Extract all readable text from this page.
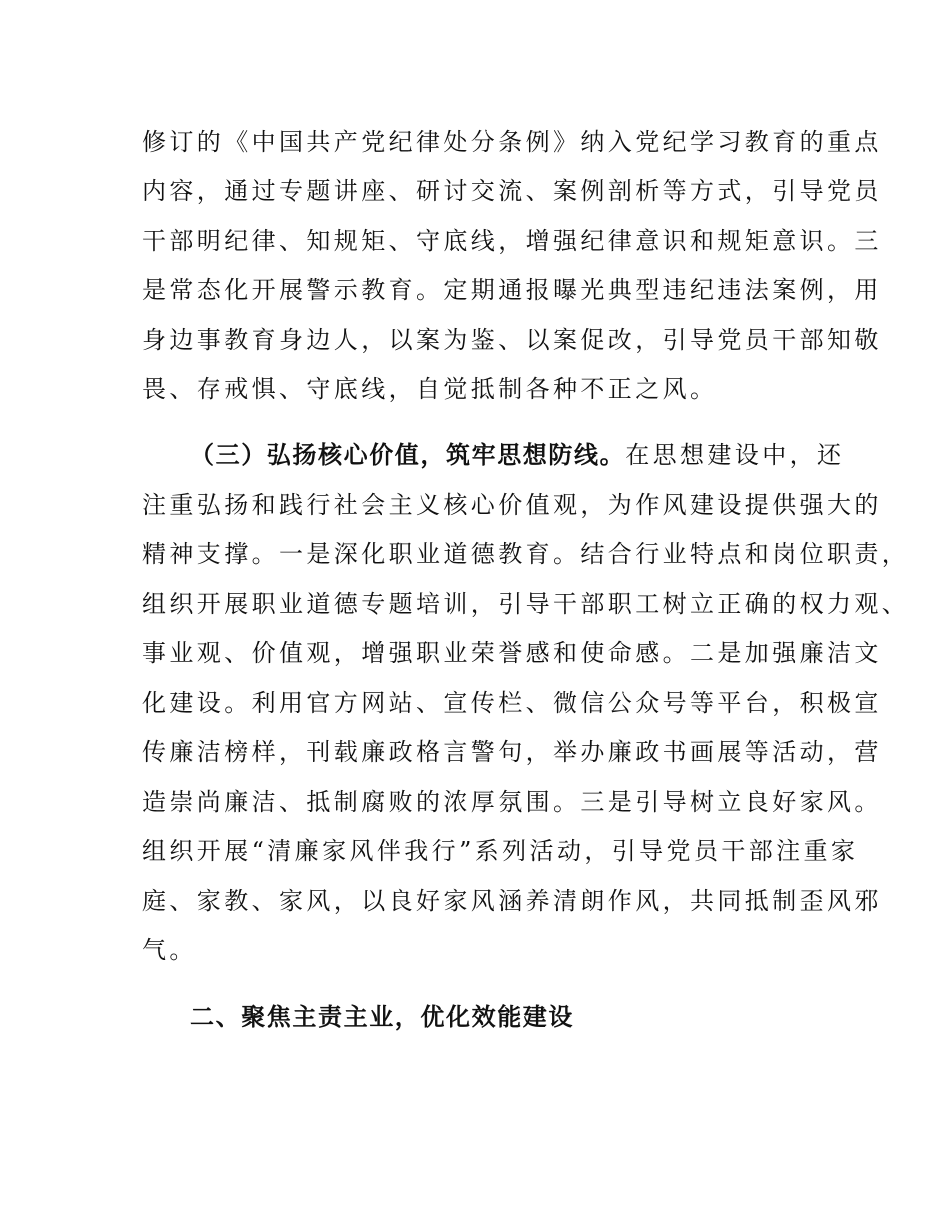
修订的《中国共产党纪律处分条例》纳入党纪学习教育的重点
内容，通过专题讲座、研讨交流、案例剖析等方式，引导党员
干部明纪律、知规矩、守底线，增强纪律意识和规矩意识。三
是常态化开展警示教育。定期通报曝光典型违纪违法案例，用
身边事教育身边人，以案为鉴、以案促改，引导党员干部知敬
畏、存戒惧、守底线，自觉抵制各种不正之风。
（三）弘扬核心价值，筑牢思想防线。在思想建设中，还
注重弘扬和践行社会主义核心价值观，为作风建设提供强大的
精神支撑。一是深化职业道德教育。结合行业特点和岗位职责，
组织开展职业道德专题培训，引导干部职工树立正确的权力观、
事业观、价值观，增强职业荣誉感和使命感。二是加强廉洁文
化建设。利用官方网站、宣传栏、微信公众号等平台，积极宣
传廉洁榜样，刊载廉政格言警句，举办廉政书画展等活动，营
造崇尚廉洁、抵制腐败的浓厚氛围。三是引导树立良好家风。
组织开展“清廉家风伴我行”系列活动，引导党员干部注重家
庭、家教、家风，以良好家风涵养清朗作风，共同抵制歪风邪
气。
二、聚焦主责主业，优化效能建设
